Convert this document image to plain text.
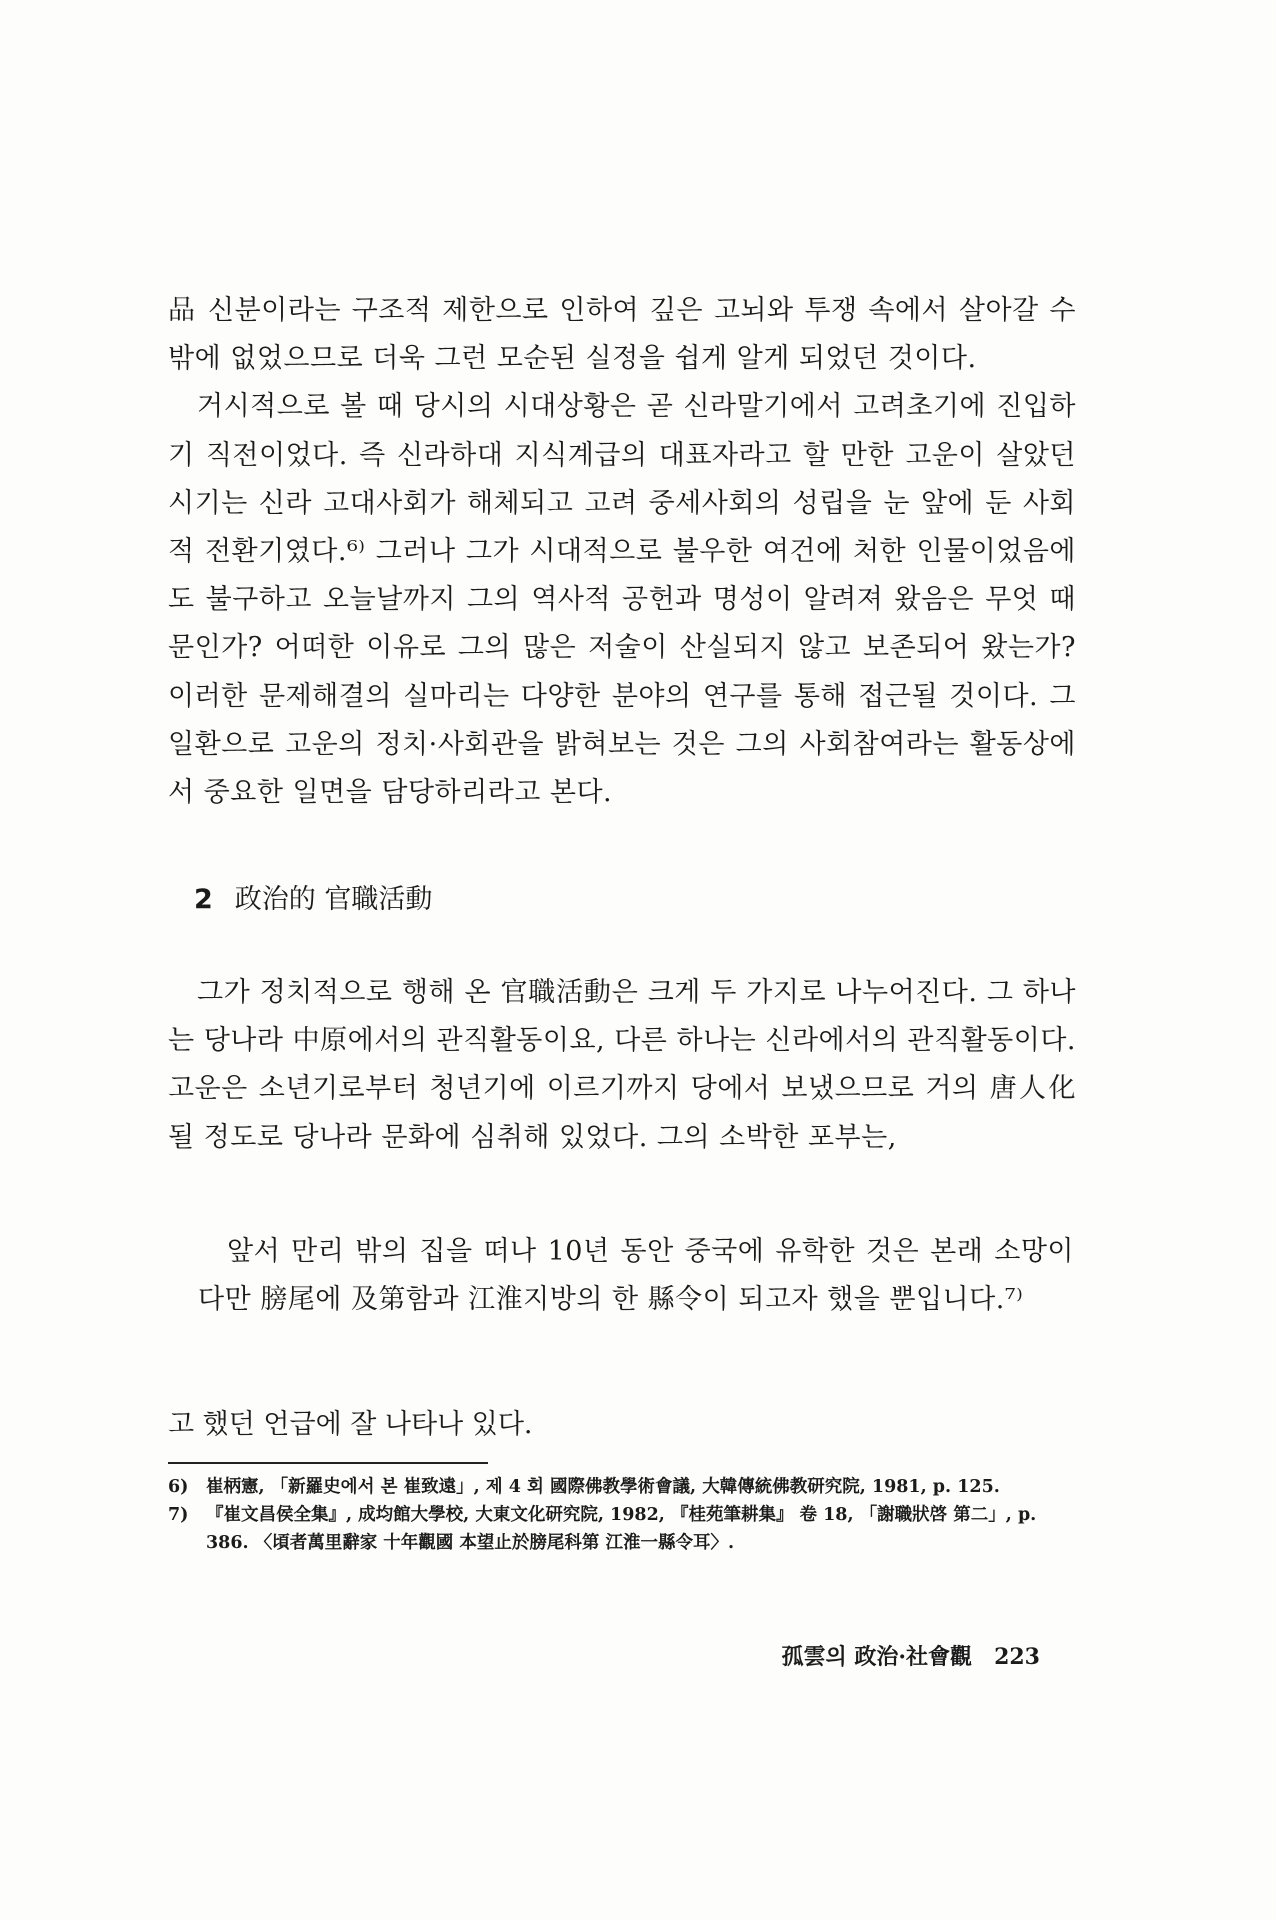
品 신분이라는 구조적 제한으로 인하여 깊은 고뇌와 투쟁 속에서 살아갈 수밖에 없었으므로 더욱 그런 모순된 실정을 쉽게 알게 되었던 것이다.

거시적으로 볼 때 당시의 시대상황은 곧 신라말기에서 고려초기에 진입하기 직전이었다. 즉 신라하대 지식계급의 대표자라고 할 만한 고운이 살았던 시기는 신라 고대사회가 해체되고 고려 중세사회의 성립을 눈 앞에 둔 사회적 전환기였다.⁶⁾ 그러나 그가 시대적으로 불우한 여건에 처한 인물이었음에도 불구하고 오늘날까지 그의 역사적 공헌과 명성이 알려져 왔음은 무엇 때문인가? 어떠한 이유로 그의 많은 저술이 산실되지 않고 보존되어 왔는가? 이러한 문제해결의 실마리는 다양한 분야의 연구를 통해 접근될 것이다. 그 일환으로 고운의 정치·사회관을 밝혀보는 것은 그의 사회참여라는 활동상에서 중요한 일면을 담당하리라고 본다.

2 政治的 官職活動

그가 정치적으로 행해 온 官職活動은 크게 두 가지로 나누어진다. 그 하나는 당나라 中原에서의 관직활동이요, 다른 하나는 신라에서의 관직활동이다. 고운은 소년기로부터 청년기에 이르기까지 당에서 보냈으므로 거의 唐人化될 정도로 당나라 문화에 심취해 있었다. 그의 소박한 포부는,

앞서 만리 밖의 집을 떠나 10년 동안 중국에 유학한 것은 본래 소망이 다만 膀尾에 及第함과 江淮지방의 한 縣令이 되고자 했을 뿐입니다.⁷⁾

고 했던 언급에 잘 나타나 있다.

6)	崔柄憲, 「新羅史에서 본 崔致遠」, 제 4 회 國際佛教學術會議, 大韓傳統佛教研究院, 1981, p. 125.
7)	『崔文昌侯全集』, 成均館大學校, 大東文化研究院, 1982, 『桂苑筆耕集』 卷 18, 「謝職狀啓 第二」, p. 386. 〈頃者萬里辭家 十年觀國 本望止於膀尾科第 江淮一縣令耳〉.

孤雲의 政治·社會觀 223
